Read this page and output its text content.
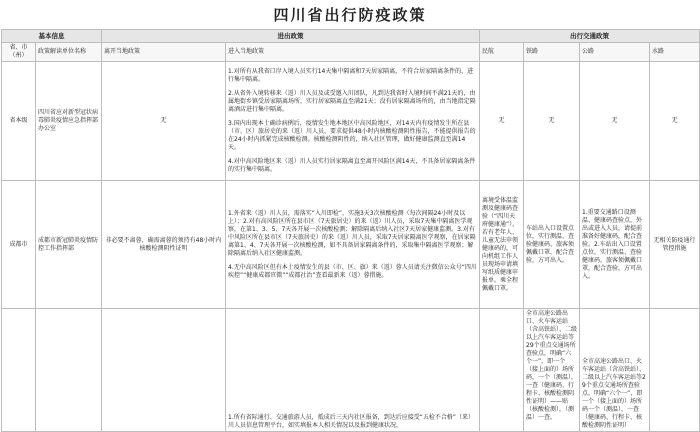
四川省出行防疫政策
基本信息		进出政策		出行交通政策			
省、市（州）	政策解读单位名称	离开当地政策	进入当地政策	民航	铁路	公路	水路
省本级	四川省应对新型冠状病毒肺炎疫情应急指挥部办公室	无	1.对所有从我省口岸入境人员实行14天集中隔离和7天居家隔离，不符合居家隔离条件的，进行集中隔离。

2.从省外入境转移来（返）川人员及或受邀入川团队，凡到达我省时入境时间不满21天的，由属地街乡镇受居家隔离场所，实行居家隔离直至满21天；没有居家隔离场所的，由当地指定隔离酒店进行集中隔离。

3.国内出现本土确诊病例后，疫情发生地本地区中高风险地区，对14天内有疫情发生所在县（市、区）旅居史的来（返）川人员，要求提供48小时内核酸检测阴性报告，不能提供报告的在24小时内抓紧完成核酸检测。核酸检测阴性的，纳入社区管理，做好健康监测直至满14天。

4.对中高风险地区来（返）川人员实行居家隔离直至离开风险区满14天，不具备居家隔离条件的实行集中隔离。	无	无	无	无
成都市	成都市新冠肺炎疫情防控工作指挥部	非必要不离蓉，确需离蓉的须持有48小时内核酸检测阴性证明	1.外省来（返）川人员，需落实“入川即检”，实施3天3次核酸检测（每次间隔24小时及以上）；2.对有高风险区所在县市区（7天旅居史）的来（返）川人员，采取7天集中隔离医学观察，在第1、3、5、7天各开展一次核酸检测；解除隔离后纳入社区7天居家健康监测。3.对有中风险区所在县市区（7天旅居史）的来（返）川人员，采取7天居家隔离医学观察，在居家隔离第1、4、7天各开展一次核酸检测，如不具备居家隔离条件的，采取集中隔离医学观察；解除隔离后纳入社区健康监测。

4.无中高风险区但有本土疫情发生的县（市、区、旗）来（返）蓉人员请关注微信公众号“四川疾控”“健康成都官微”“成都社治”查看最新来（返）蓉措施。	离境受体温监测及健康码查验（“四川天府健康通”），若有老年人、儿童无法申领健康码的，可向机组工作人员现场申请填写纸质健康申报单。乘全程佩戴口罩。	车站出入口设置点位，实行测温、查验健康码、旅客须佩戴口罩，配合查验，方可出入。	1.重要交通路口设测温、健康码查验点，外出或进入人员，请提前准备好健康码，配合查验。2.车站出入口设置点位，实行测温、查验健康码，旅客须佩戴口罩，配合查验，方可出入。	无相关防疫通行管控措施
			1.所有省际通行、交通旅游人员，抵成后三天内社区报备，到达后应接受“五检不合格”（来）川人员信息管理平台，如实填报本人相关情况以及报到健康状况。		全市高速公路出口、火车客运站（含高铁站）、二级以上汽车客运站等29个重点交通场所查验点，明确“六个一”，即一个（接上面的）场所码，一个（测温），一查（健康码、行程卡、核酸检测阴性证明）——贴（核酸检测），（测温）一查。	全市高速公路出口、火车客运站（含高铁站）、二级以上汽车客运站等29个重点交通场所查验点，明确“六个一”，即一个（接上面的）场所码一个（测温），一查（健康码、行程卡、核酸检测阴性证明）	
